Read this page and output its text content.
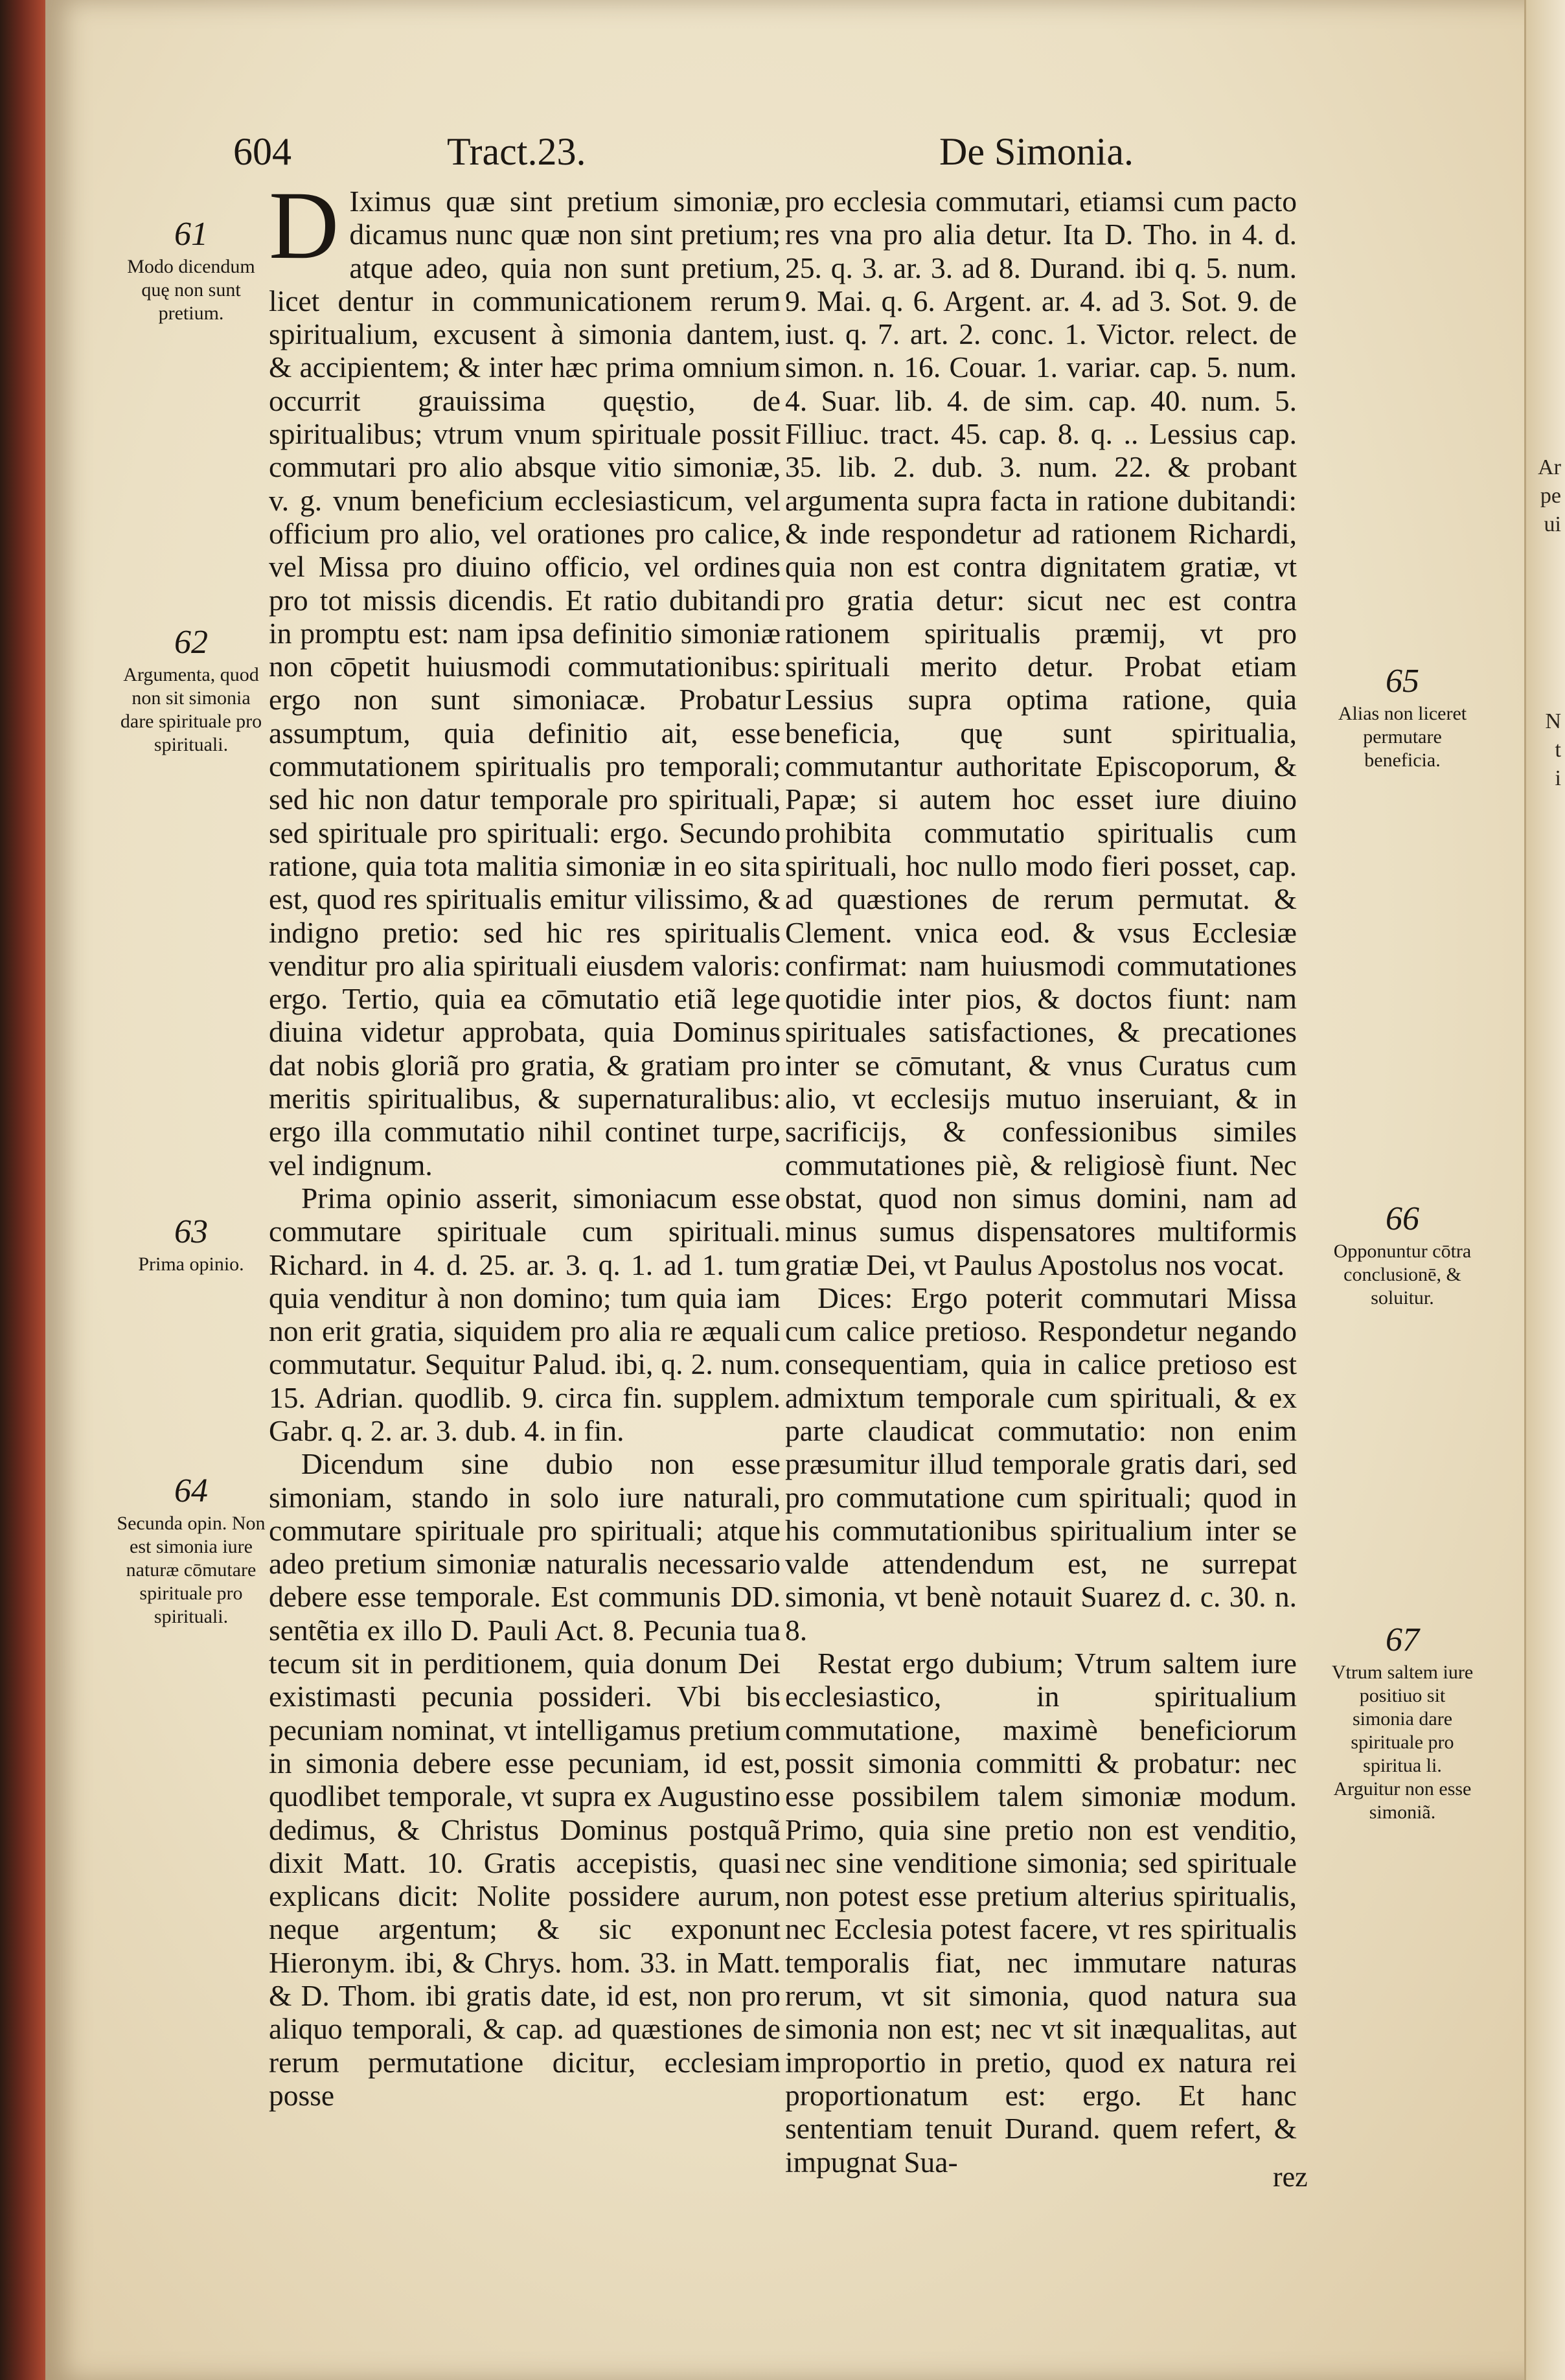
Ar
pe
ui
N
t
i
604	Tract.23.	De Simonia.

D Iximus quæ sint pretium simoniæ, dicamus nunc quæ non sint pretium; atque adeo, quia non sunt pretium, licet dentur in communicationem rerum spiritualium, excusent à simonia dantem, & accipientem; & inter hæc prima omnium occurrit grauissima quęstio, de spiritualibus; vtrum vnum spirituale possit commutari pro alio absque vitio simoniæ, v. g. vnum beneficium ecclesiasticum, vel officium pro alio, vel orationes pro calice, vel Missa pro diuino officio, vel ordines pro tot missis dicendis. Et ratio dubitandi in promptu est: nam ipsa definitio simoniæ non cōpetit huiusmodi commutationibus: ergo non sunt simoniacæ. Probatur assumptum, quia definitio ait, esse commutationem spiritualis pro temporali; sed hic non datur temporale pro spirituali, sed spirituale pro spirituali: ergo. Secundo ratione, quia tota malitia simoniæ in eo sita est, quod res spiritualis emitur vilissimo, & indigno pretio: sed hic res spiritualis venditur pro alia spirituali eiusdem valoris: ergo. Tertio, quia ea cōmutatio etiã lege diuina videtur approbata, quia Dominus dat nobis gloriã pro gratia, & gratiam pro meritis spiritualibus, & supernaturalibus: ergo illa commutatio nihil continet turpe, vel indignum.

Prima opinio asserit, simoniacum esse commutare spirituale cum spirituali. Richard. in 4. d. 25. ar. 3. q. 1. ad 1. tum quia venditur à non domino; tum quia iam non erit gratia, siquidem pro alia re æquali commutatur. Sequitur Palud. ibi, q. 2. num. 15. Adrian. quodlib. 9. circa fin. supplem. Gabr. q. 2. ar. 3. dub. 4. in fin.

Dicendum sine dubio non esse simoniam, stando in solo iure naturali, commutare spirituale pro spirituali; atque adeo pretium simoniæ naturalis necessario debere esse temporale. Est communis DD. sentẽtia ex illo D. Pauli Act. 8. Pecunia tua tecum sit in perditionem, quia donum Dei existimasti pecunia possideri. Vbi bis pecuniam nominat, vt intelligamus pretium in simonia debere esse pecuniam, id est, quodlibet temporale, vt supra ex Augustino dedimus, & Christus Dominus postquã dixit Matt. 10. Gratis accepistis, quasi explicans dicit: Nolite possidere aurum, neque argentum; & sic exponunt Hieronym. ibi, & Chrys. hom. 33. in Matt. & D. Thom. ibi gratis date, id est, non pro aliquo temporali, & cap. ad quæstiones de rerum permutatione dicitur, ecclesiam posse

pro ecclesia commutari, etiamsi cum pacto res vna pro alia detur. Ita D. Tho. in 4. d. 25. q. 3. ar. 3. ad 8. Durand. ibi q. 5. num. 9. Mai. q. 6. Argent. ar. 4. ad 3. Sot. 9. de iust. q. 7. art. 2. conc. 1. Victor. relect. de simon. n. 16. Couar. 1. variar. cap. 5. num. 4. Suar. lib. 4. de sim. cap. 40. num. 5. Filliuc. tract. 45. cap. 8. q. .. Lessius cap. 35. lib. 2. dub. 3. num. 22. & probant argumenta supra facta in ratione dubitandi: & inde respondetur ad rationem Richardi, quia non est contra dignitatem gratiæ, vt pro gratia detur: sicut nec est contra rationem spiritualis præmij, vt pro spirituali merito detur. Probat etiam Lessius supra optima ratione, quia beneficia, quę sunt spiritualia, commutantur authoritate Episcoporum, & Papæ; si autem hoc esset iure diuino prohibita commutatio spiritualis cum spirituali, hoc nullo modo fieri posset, cap. ad quæstiones de rerum permutat. & Clement. vnica eod. & vsus Ecclesiæ confirmat: nam huiusmodi commutationes quotidie inter pios, & doctos fiunt: nam spirituales satisfactiones, & precationes inter se cōmutant, & vnus Curatus cum alio, vt ecclesijs mutuo inseruiant, & in sacrificijs, & confessionibus similes commutationes piè, & religiosè fiunt. Nec obstat, quod non simus domini, nam ad minus sumus dispensatores multiformis gratiæ Dei, vt Paulus Apostolus nos vocat.

Dices: Ergo poterit commutari Missa cum calice pretioso. Respondetur negando consequentiam, quia in calice pretioso est admixtum temporale cum spirituali, & ex parte claudicat commutatio: non enim præsumitur illud temporale gratis dari, sed pro commutatione cum spirituali; quod in his commutationibus spiritualium inter se valde attendendum est, ne surrepat simonia, vt benè notauit Suarez d. c. 30. n. 8.

Restat ergo dubium; Vtrum saltem iure ecclesiastico, in spiritualium commutatione, maximè beneficiorum possit simonia committi & probatur: nec esse possibilem talem simoniæ modum. Primo, quia sine pretio non est venditio, nec sine venditione simonia; sed spirituale non potest esse pretium alterius spiritualis, nec Ecclesia potest facere, vt res spiritualis temporalis fiat, nec immutare naturas rerum, vt sit simonia, quod natura sua simonia non est; nec vt sit inæqualitas, aut improportio in pretio, quod ex natura rei proportionatum est: ergo. Et hanc sententiam tenuit Durand. quem refert, & impugnat Sua-

61
Modo dicendum quę non sunt pretium.
62
Argumenta, quod non sit simonia dare spirituale pro spirituali.
63
Prima opinio.
64
Secunda opin. Non est simonia iure naturæ cōmutare spirituale pro spirituali.
65
Alias non liceret permutare beneficia.
66
Opponuntur cōtra conclusionē, & soluitur.
67
Vtrum saltem iure positiuo sit simonia dare spirituale pro spiritua li.
Arguitur non esse simoniã.
rez
